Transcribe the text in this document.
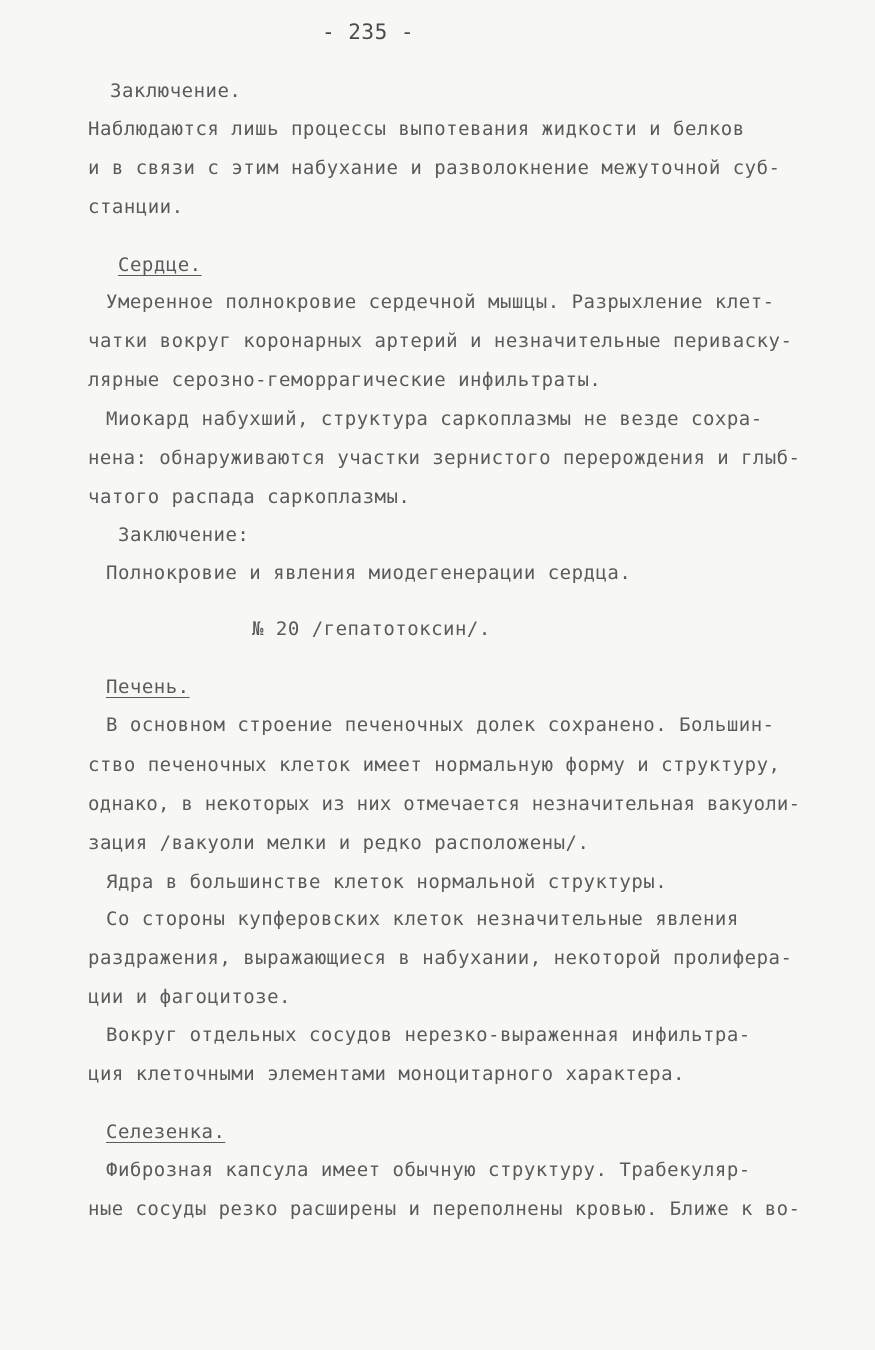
- 235 -
Заключение.
Наблюдаются лишь процессы выпотевания жидкости и белков
и в связи с этим набухание и разволокнение межуточной суб-
станции.
Сердце.
Умеренное полнокровие сердечной мышцы. Разрыхление клет-
чатки вокруг коронарных артерий и незначительные периваску-
лярные серозно-геморрагические инфильтраты.
Миокард набухший, структура саркоплазмы не везде сохра-
нена: обнаруживаются участки зернистого перерождения и глыб-
чатого распада саркоплазмы.
Заключение:
Полнокровие и явления миодегенерации сердца.
№ 20 /гепатотоксин/.
Печень.
В основном строение печеночных долек сохранено. Большин-
ство печеночных клеток имеет нормальную форму и структуру,
однако, в некоторых из них отмечается незначительная вакуоли-
зация /вакуоли мелки и редко расположены/.
Ядра в большинстве клеток нормальной структуры.
Со стороны купферовских клеток незначительные явления
раздражения, выражающиеся в набухании, некоторой пролифера-
ции и фагоцитозе.
Вокруг отдельных сосудов нерезко-выраженная инфильтра-
ция клеточными элементами моноцитарного характера.
Селезенка.
Фиброзная капсула имеет обычную структуру. Трабекуляр-
ные сосуды резко расширены и переполнены кровью. Ближе к во-
